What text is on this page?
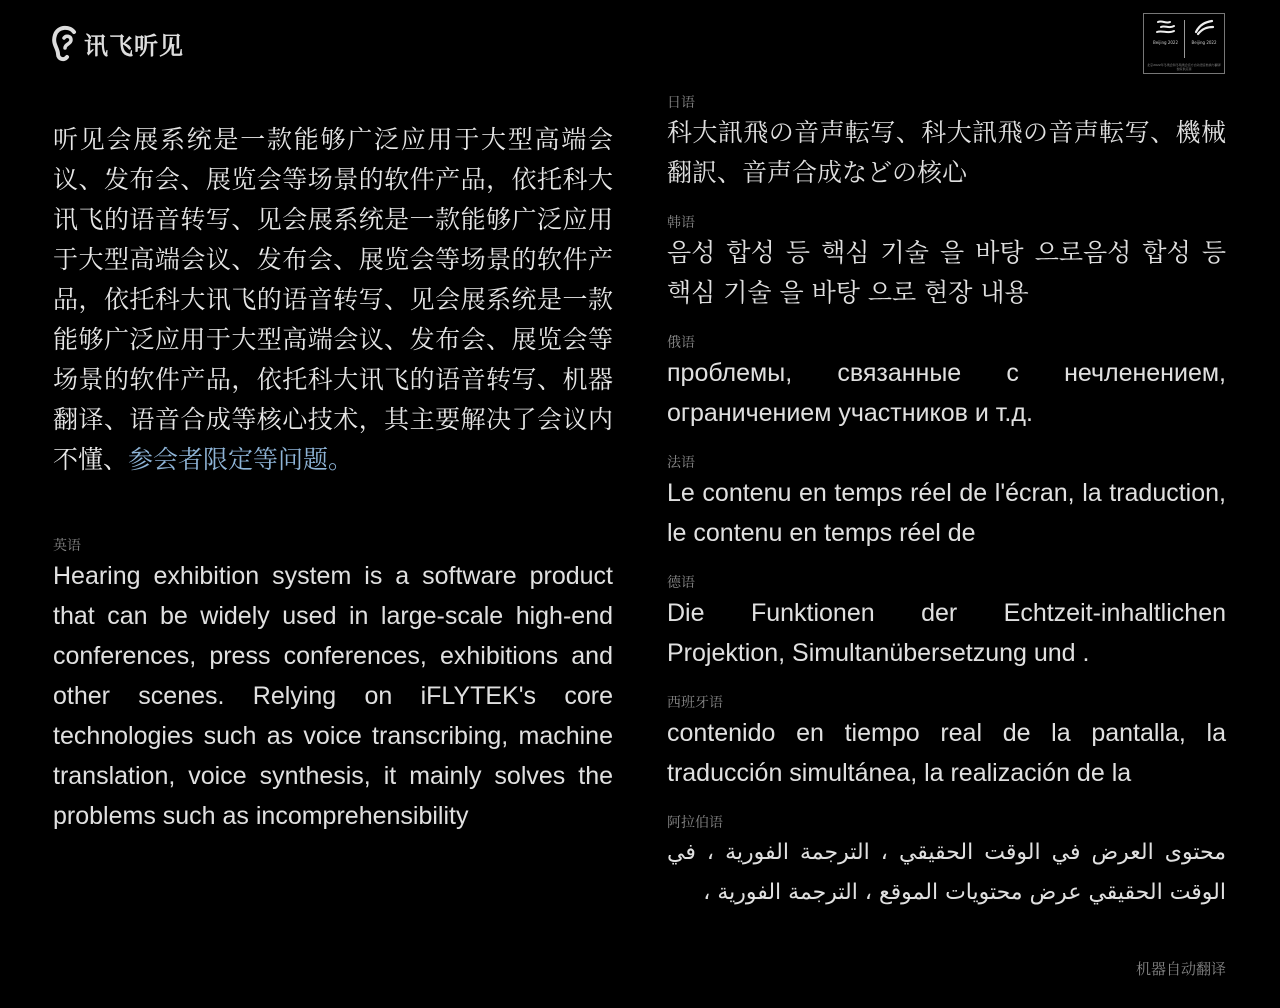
讯飞听见	Beijing 2022	Beijing 2022
北京2022年冬奥会和冬残奥会官方自动语音转换与翻译独家供应商

听见会展系统是一款能够广泛应用于大型高端会议、发布会、展览会等场景的软件产品，依托科大讯飞的语音转写、见会展系统是一款能够广泛应用于大型高端会议、发布会、展览会等场景的软件产品，依托科大讯飞的语音转写、见会展系统是一款能够广泛应用于大型高端会议、发布会、展览会等场景的软件产品，依托科大讯飞的语音转写、机器翻译、语音合成等核心技术，其主要解决了会议内不懂、参会者限定等问题。

英语

Hearing exhibition system is a software product that can be widely used in large-scale high-end conferences, press conferences, exhibitions and other scenes. Relying on iFLYTEK's core technologies such as voice transcribing, machine translation, voice synthesis, it mainly solves the problems such as incomprehensibility

日语

科大訊飛の音声転写、科大訊飛の音声転写、機械翻訳、音声合成などの核心

韩语

음성 합성 등 핵심 기술 을 바탕 으로음성 합성 등 핵심 기술 을 바탕 으로 현장 내용

俄语

проблемы, связанные с нечленением, ограничением участников и т.д.

法语

Le contenu en temps réel de l'écran, la traduction, le contenu en temps réel de

德语

Die Funktionen der Echtzeit-inhaltlichen Projektion, Simultanübersetzung und .

西班牙语

contenido en tiempo real de la pantalla, la traducción simultánea, la realización de la

阿拉伯语

محتوى العرض في الوقت الحقيقي ، الترجمة الفورية ، في الوقت الحقيقي عرض محتويات الموقع ، الترجمة الفورية ،

机器自动翻译
